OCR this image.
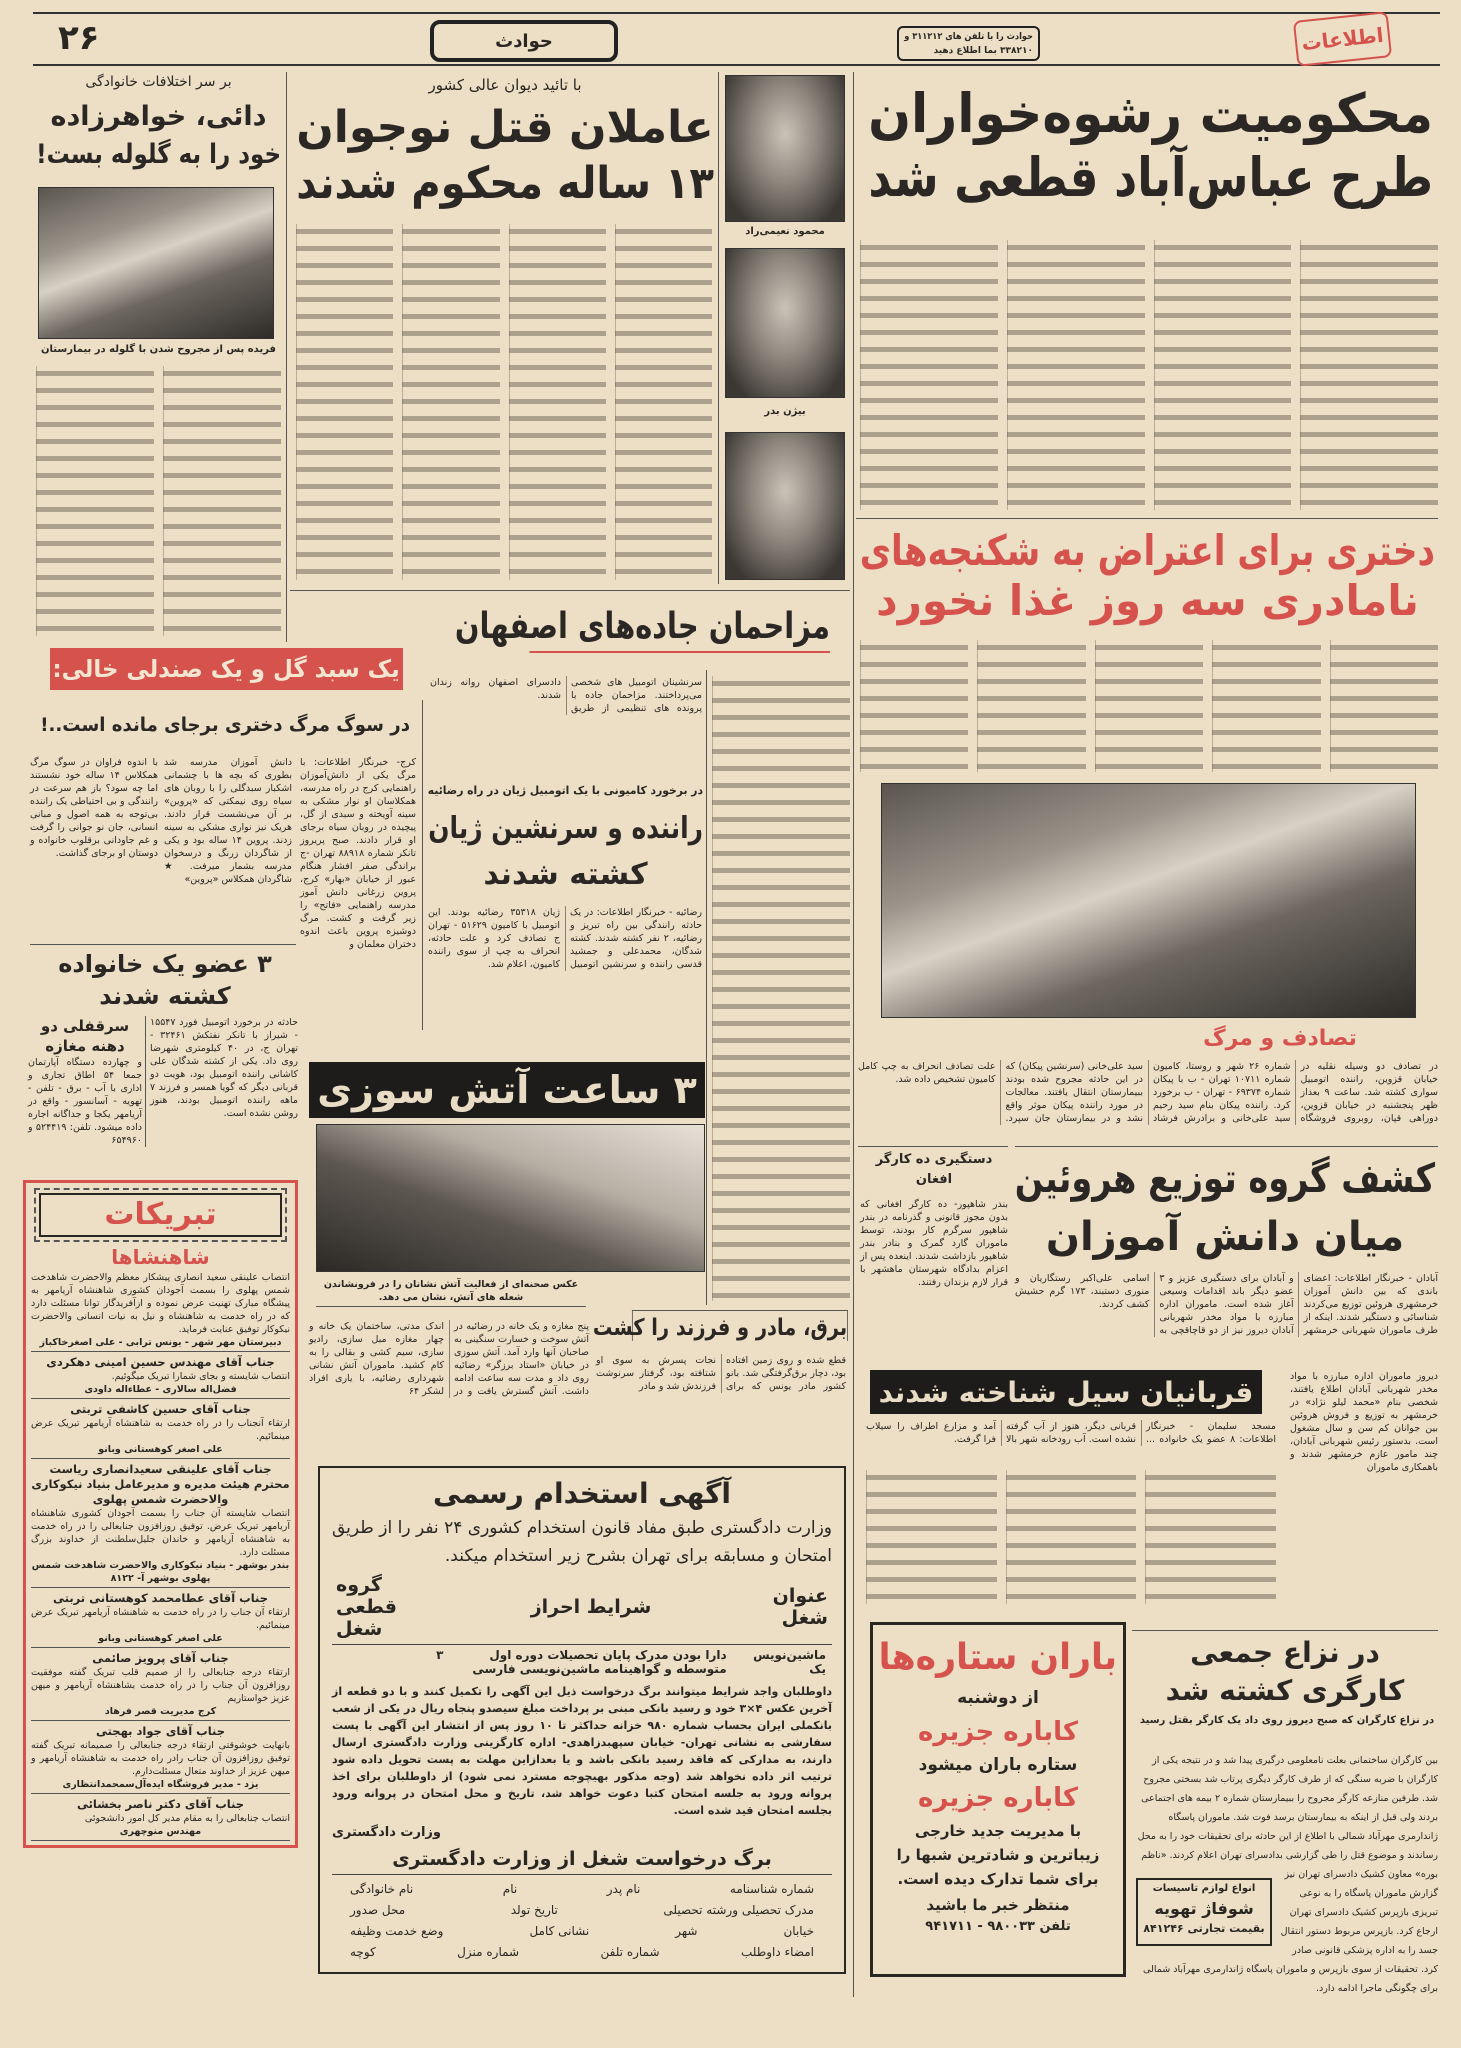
۲۶	حوادث	حوادث را با تلفن های ۳۱۱۲۱۲ و
۳۳۸۲۱۰ بما اطلاع دهید	اطلاعات
محکومیت رشوه‌خواران
طرح عباس‌آباد قطعی شد
محمود نعیمی‌راد
بیژن بدر
با تائید دیوان عالی کشور
عاملان قتل نوجوان
۱۳ ساله محکوم شدند
بر سر اختلافات خانوادگی
دائی، خواهرزاده
خود را به گلوله بست!
فریده پس از مجروح شدن با گلوله در بیمارستان
دختری برای اعتراض به شکنجه‌های
نامادری سه روز غذا نخورد
مزاحمان جاده‌های اصفهان
سرنشینان اتومبیل های شخصی می‌پرداختند. مزاحمان جاده با پرونده های تنظیمی از طریق دادسرای اصفهان روانه زندان شدند.
یک سبد گل و یک صندلی خالی:
در سوگ مرگ دختری برجای مانده است..!
کرج- خبرنگار اطلاعات: با مرگ یکی از دانش‌آموزان راهنمایی کرج در راه مدرسه، همکلاسان او نوار مشکی به سینه آویخته و سبدی از گل، پیچیده در روبان سیاه برجای او قرار دادند. صبح پریروز تانکر شماره ۸۸۹۱۸ تهران -ج براندگی صفر افشار هنگام عبور از خیابان «بهار» کرج، پروین زرغانی دانش آموز مدرسه راهنمایی «فاتح» را زیر گرفت و کشت. مرگ دوشیزه پروین باعث اندوه دختران معلمان و
دانش آموزان مدرسه شد بطوری که بچه ها با چشمانی اشکبار سبدگلی را با روبان های سیاه روی نیمکتی که «پروین» بر آن می‌نشست قرار دادند. هریک نیز نواری مشکی به سینه زدند. پروین ۱۴ ساله بود و یکی از شاگردان زرنگ و درسخوان مدرسه بشمار میرفت. ★ شاگردان همکلاس «پروین»
با اندوه فراوان در سوگ مرگ همکلاس ۱۴ ساله خود نشستند اما چه سود؟ باز هم سرعت در رانندگی و بی احتیاطی یک راننده بی‌توجه به همه اصول و مبانی انسانی، جان نو جوانی را گرفت و غم جاودانی برقلوب خانواده و دوستان او برجای گذاشت.
در برخورد کامیونی با یک اتومبیل ژیان در راه رضائیه
راننده و سرنشین ژیان
کشته شدند
رضائیه - خبرنگار اطلاعات: در یک حادثه رانندگی بین راه تبریز و رضائیه، ۲ نفر کشته شدند. کشته شدگان، محمدعلی و جمشید قدسی راننده و سرنشین اتومبیل ژیان ۳۵۳۱۸ رضائیه بودند. این اتومبیل با کامیون ۵۱۶۲۹ - تهران ج تصادف کرد و علت حادثه، انحراف به چپ از سوی راننده کامیون، اعلام شد.
۳ عضو یک خانواده
کشته شدند
حادثه در برخورد اتومبیل فورد ۱۵۵۴۷ - شیراز با تانکر نفتکش ۳۲۴۶۱ - تهران ج، در ۴۰ کیلومتری شهرضا روی داد. یکی از کشته شدگان علی کاشانی راننده اتومبیل بود، هویت دو قربانی دیگر که گویا همسر و فرزند ۷ ماهه راننده اتومبیل بودند، هنوز روشن نشده است.
سرقفلی دو دهنه مغازه
و چهارده دستگاه آپارتمان جمعا ۵۴ اطاق تجاری و اداری با آب - برق - تلفن - تهویه - آسانسور - واقع در آریامهر یکجا و جداگانه اجاره داده میشود. تلفن: ۵۲۴۴۱۹ و ۶۵۴۹۶۰
۳ ساعت آتش سوزی
عکس صحنه‌ای از فعالیت آتش نشانان را در فرونشاندن شعله های آتش، نشان می دهد.
پنج مغازه و یک خانه در رضائیه در آتش سوخت و خسارت سنگینی به صاحبان آنها وارد آمد. آتش سوزی در خیابان «استاد برزگر» رضائیه روی داد و مدت سه ساعت ادامه داشت. آتش گسترش یافت و در اندک مدتی، ساختمان یک خانه و چهار مغازه مبل سازی، رادیو سازی، سیم کشی و بقالی را به کام کشید. ماموران آتش نشانی شهرداری رضائیه، با یاری افراد لشکر ۶۴
برق، مادر و فرزند را کشت
قطع شده و روی زمین افتاده بود، دچار برق‌گرفتگی شد. بانو کشور مادر یونس که برای نجات پسرش به سوی او شتافته بود، گرفتار سرنوشت فرزندش شد و مادر
تصادف و مرگ
در تصادف دو وسیله نقلیه در خیابان قزوین، راننده اتومبیل سواری کشته شد. ساعت ۹ بعداز ظهر پنجشنبه در خیابان قزوین، دوراهی قپان، روبروی فروشگاه شماره ۲۶ شهر و روستا، کامیون شماره ۱۰۷۱۱ تهران - ب با پیکان شماره ۶۹۳۷۴ - تهران - ب برخورد کرد. راننده پیکان بنام سید رحیم سید علی‌خانی و برادرش فرشاد سید علی‌خانی (سرنشین پیکان) که در این حادثه مجروح شده بودند ببیمارستان انتقال یافتند. معالجات در مورد راننده پیکان موثر واقع نشد و در بیمارستان جان سپرد. علت تصادف انحراف به چپ کامل کامیون تشخیص داده شد.
دستگیری ده کارگر افغان
بندر شاهپور- ده کارگر افغانی که بدون مجوز قانونی و گذرنامه در بندر شاهپور سرگرم کار بودند، توسط ماموران گارد گمرک و بنادر بندر شاهپور بازداشت شدند. اینعده پس از اعزام بدادگاه شهرستان ماهشهر با قرار لازم بزندان رفتند.
کشف گروه توزیع هروئین
میان دانش آموزان
آبادان - خبرنگار اطلاعات: اعضای باندی که بین دانش آموزان خرمشهری هروئین توزیع می‌کردند شناسائی و دستگیر شدند. اینکه از طرف ماموران شهربانی خرمشهر و آبادان برای دستگیری عزیز و ۳ عضو دیگر باند اقدامات وسیعی آغاز شده است. ماموران اداره مبارزه با مواد مخدر شهربانی آبادان دیروز نیز از دو قاچاقچی به اسامی علی‌اکبر رستگاریان و منوری دستبند، ۱۷۳ گرم حشیش کشف کردند.
دیروز ماموران اداره مبارزه با مواد مخدر شهربانی آبادان اطلاع یافتند، شخصی بنام «محمد لیلو نژاد» در خرمشهر به توزیع و فروش هروئین بین جوانان کم سن و سال مشغول است. بدستور رئیس شهربانی آبادان، چند مامور عازم خرمشهر شدند و باهمکاری ماموران
قربانیان سیل شناخته شدند
مسجد سلیمان - خبرنگار اطلاعات: ۸ عضو یک خانواده ... قربانی دیگر، هنوز از آب گرفته نشده است. آب رودخانه شهر بالا آمد و مزارع اطراف را سیلاب فرا گرفت.
باران ستاره‌ها
از دوشنبه
کاباره جزیره
ستاره باران میشود
کاباره جزیره
با مدیریت جدید خارجی زیباترین و شادترین شبها را برای شما تدارک دیده است.
منتظر خبر ما باشید
تلفن ۹۸۰۰۳۳ - ۹۴۱۷۱۱
در نزاع جمعی
کارگری کشته شد
در نزاع کارگران که صبح دیروز روی داد یک کارگر بقتل رسید
انواع لوازم تاسیسات
شوفاژ تهویه
بقیمت تجارتی ۸۴۱۲۴۶
بین کارگران ساختمانی بعلت نامعلومی درگیری پیدا شد و در نتیجه یکی از کارگران با ضربه سنگی که از طرف کارگر دیگری پرتاب شد بسختی مجروح شد. طرفین منازعه کارگر مجروح را ببیمارستان شماره ۲ بیمه های اجتماعی بردند ولی قبل از اینکه به بیمارستان برسد فوت شد. ماموران پاسگاه ژاندارمری مهرآباد شمالی با اطلاع از این حادثه برای تحقیقات خود را به محل رساندند و موضوع قتل را طی گزارشی بدادسرای تهران اعلام کردند. «ناظم بوره» معاون کشیک دادسرای تهران نیز گزارش ماموران پاسگاه را به نوعی تبریزی بازپرس کشیک دادسرای تهران ارجاع کرد. بازپرس مربوط دستور انتقال جسد را به اداره پزشکی قانونی صادر کرد. تحقیقات از سوی بازپرس و ماموران پاسگاه ژاندارمری مهرآباد شمالی برای چگونگی ماجرا ادامه دارد.
آگهی استخدام رسمی
وزارت دادگستری طبق مفاد قانون استخدام کشوری ۲۴ نفر را از طریق امتحان و مسابقه برای تهران بشرح زیر استخدام میکند.
عنوان شغل	شرایط احراز	گروه قطعی شغل
ماشین‌نویس یک	دارا بودن مدرک پایان تحصیلات دوره اول متوسطه و گواهینامه ماشین‌نویسی فارسی	۳
داوطلبان واجد شرایط میتوانند برگ درخواست ذیل این آگهی را تکمیل کنند و با دو قطعه از آخرین عکس ۴×۳ خود و رسید بانکی مبنی بر پرداخت مبلغ سیصدو پنجاه ریال در یکی از شعب بانکملی ایران بحساب شماره ۹۸۰ خزانه حداکثر تا ۱۰ روز پس از انتشار این آگهی با پست سفارشی به نشانی تهران- خیابان سپهبدزاهدی- اداره کارگزینی وزارت دادگستری ارسال دارند، به مدارکی که فاقد رسید بانکی باشد و یا بعدازاین مهلت به پست تحویل داده شود ترتیب اثر داده نخواهد شد (وجه مذکور بهیچوجه مسترد نمی شود) از داوطلبان برای اخذ پروانه ورود به جلسه امتحان کتبا دعوت خواهد شد، تاریخ و محل امتحان در پروانه ورود بجلسه امتحان قید شده است.
وزارت دادگستری
برگ درخواست شغل از وزارت دادگستری
نام خانوادگی	نام	نام پدر	شماره شناسنامه
محل صدور	تاریخ تولد	مدرک تحصیلی ورشته تحصیلی
وضع خدمت وظیفه	نشانی کامل	شهر	خیابان
کوچه	شماره منزل	شماره تلفن	امضاء داوطلب
تبریکات
شاهنشاها
انتصاب علینقی سعید انصاری پیشکار معظم والاحضرت شاهدخت شمس پهلوی را بسمت آجودان کشوری شاهنشاه آریامهر به پیشگاه مبارک تهنیت عرض نموده و ازآفریدگار توانا مسئلت دارد که در راه خدمت به شاهنشاه و نیل به نیات انسانی والاحضرت نیکوکار توفیق عنایت فرماید.
دبیرستان مهر شهر - یونس ترابی - علی اصغرخاکباز
جناب آقای مهندس حسین امینی دهکردی
انتصاب شایسته و بجای شمارا تبریک میگوئیم.
فضل‌اله سالاری - عطاءاله داودی
جناب آقای حسین کاشفی تربتی
ارتقاء آنجناب را در راه خدمت به شاهنشاه آریامهر تبریک عرض مینمائیم.
علی اصغر کوهستانی وبانو
جناب آقای علینقی سعیدانصاری ریاست محترم هیئت مدیره و مدیرعامل بنیاد نیکوکاری والاحضرت شمس پهلوی
انتصاب شایسته آن جناب را بسمت آجودان کشوری شاهنشاه آریامهر تبریک عرض. توفیق روزافزون جنابعالی را در راه خدمت به شاهنشاه آریامهر و خاندان جلیل‌سلطنت از خداوند بزرگ مسئلت دارد.
بندر بوشهر - بنیاد نیکوکاری والاحضرت شاهدخت شمس پهلوی بوشهر آ- ۸۱۲۲
جناب آقای عطامحمد کوهستانی تربتی
ارتقاء آن جناب را در راه خدمت به شاهنشاه آریامهر تبریک عرض مینمائیم.
علی اصغر کوهستانی وبانو
جناب آقای پرویز صائمی
ارتقاء درجه جنابعالی را از صمیم قلب تبریک گفته موفقیت روزافزون آن جناب را در راه خدمت بشاهنشاه آریامهر و میهن عزیز خواستاریم
کرج مدیریت قصر فرهاد
جناب آقای جواد بهجتی
بانهایت خوشوقتی ارتقاء درجه جنابعالی را صمیمانه تبریک گفته توفیق روزافزون آن جناب رادر راه خدمت به شاهنشاه آریامهر و میهن عزیز از خداوند متعال مسئلت‌دارم.
یزد - مدیر فروشگاه ایده‌آل‌سمحمدانتظاری
جناب آقای دکتر ناصر بخشائی
انتصاب جنابعالی را به مقام مدیر کل امور دانشجوئی
مهندس منوچهری
